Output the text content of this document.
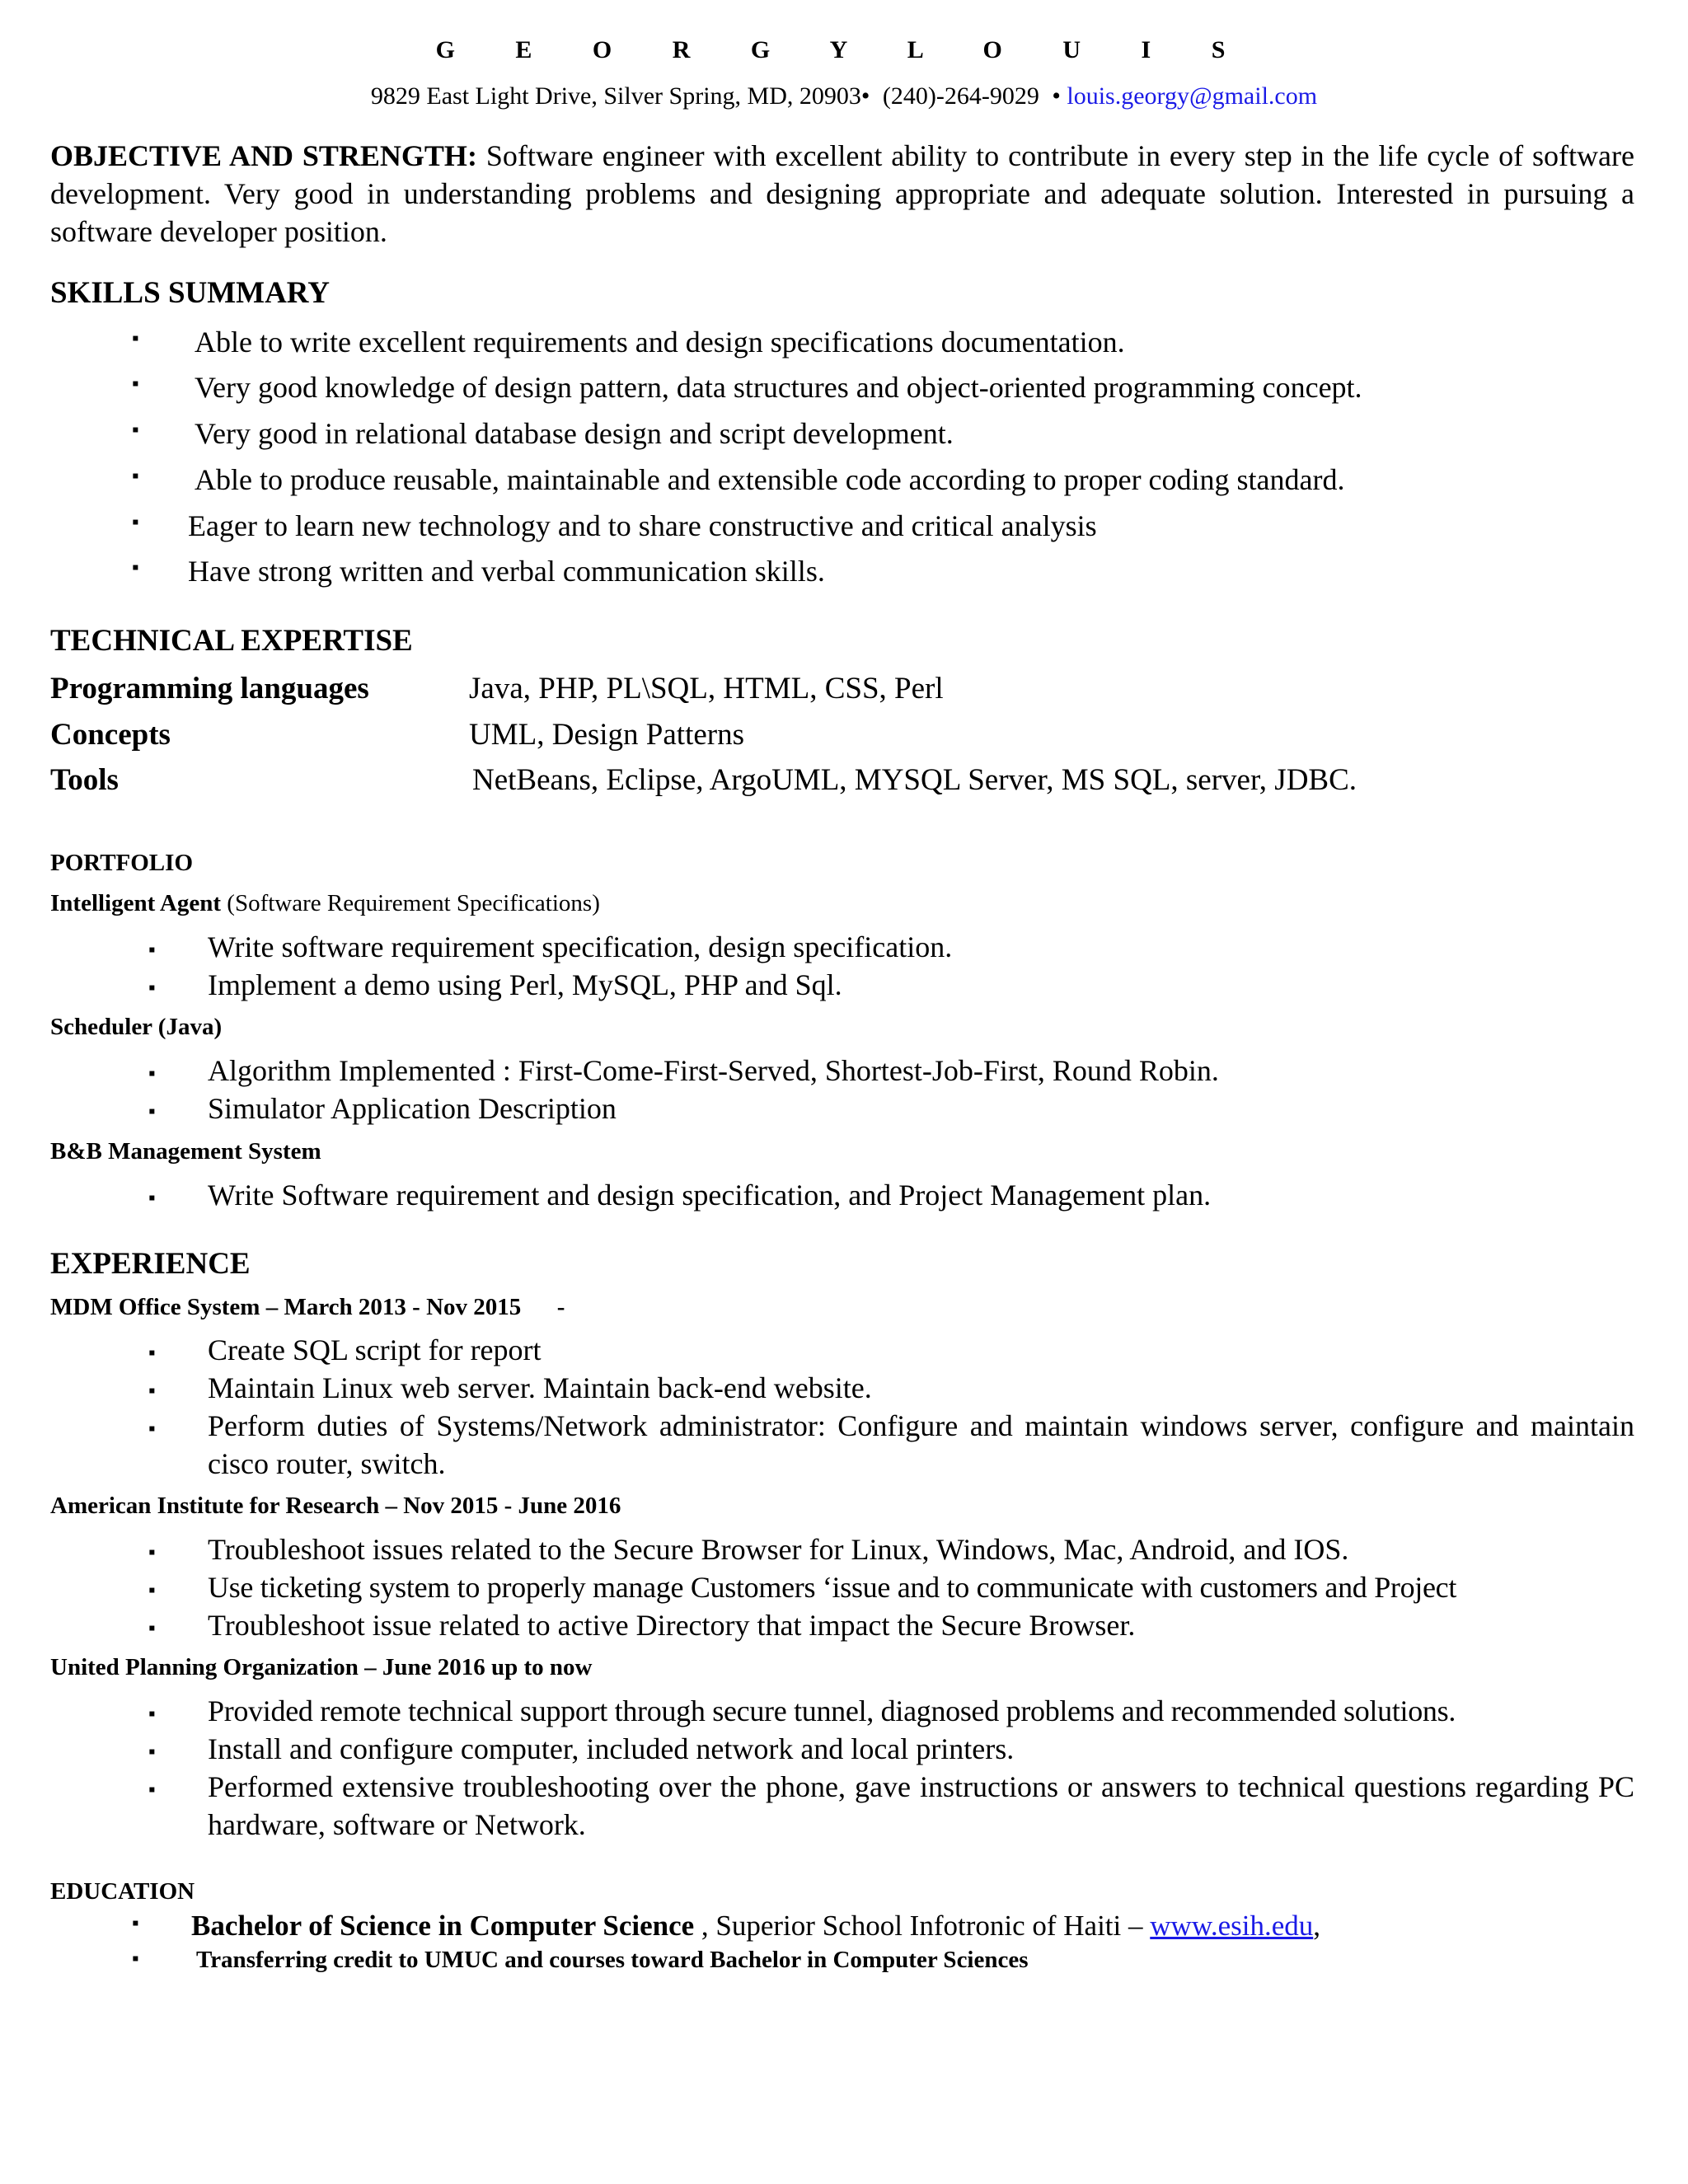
G E O R G Y L O U I S
9829 East Light Drive, Silver Spring, MD, 20903• (240)-264-9029 • louis.georgy@gmail.com
OBJECTIVE AND STRENGTH: Software engineer with excellent ability to contribute in every step in the life cycle of software development. Very good in understanding problems and designing appropriate and adequate solution. Interested in pursuing a software developer position.
SKILLS SUMMARY
▪ Able to write excellent requirements and design specifications documentation.
▪ Very good knowledge of design pattern, data structures and object-oriented programming concept.
▪ Very good in relational database design and script development.
▪ Able to produce reusable, maintainable and extensible code according to proper coding standard.
▪ Eager to learn new technology and to share constructive and critical analysis
▪ Have strong written and verbal communication skills.
TECHNICAL EXPERTISE
Programming languages	Java, PHP, PL\SQL, HTML, CSS, Perl
Concepts	UML, Design Patterns
Tools	NetBeans, Eclipse, ArgoUML, MYSQL Server, MS SQL, server, JDBC.
PORTFOLIO
Intelligent Agent (Software Requirement Specifications)
▪ Write software requirement specification, design specification.
▪ Implement a demo using Perl, MySQL, PHP and Sql.
Scheduler (Java)
▪ Algorithm Implemented : First-Come-First-Served, Shortest-Job-First, Round Robin.
▪ Simulator Application Description
B&B Management System
▪ Write Software requirement and design specification, and Project Management plan.
EXPERIENCE
MDM Office System – March 2013 - Nov 2015      -
▪ Create SQL script for report
▪ Maintain Linux web server. Maintain back-end website.
▪ Perform duties of Systems/Network administrator: Configure and maintain windows server, configure and maintain cisco router, switch.
American Institute for Research – Nov 2015 - June 2016
▪ Troubleshoot issues related to the Secure Browser for Linux, Windows, Mac, Android, and IOS.
▪ Use ticketing system to properly manage Customers ‘issue and to communicate with customers and Project
▪ Troubleshoot issue related to active Directory that impact the Secure Browser.
United Planning Organization – June 2016 up to now
▪ Provided remote technical support through secure tunnel, diagnosed problems and recommended solutions.
▪ Install and configure computer, included network and local printers.
▪ Performed extensive troubleshooting over the phone, gave instructions or answers to technical questions regarding PC hardware, software or Network.
EDUCATION
▪ Bachelor of Science in Computer Science , Superior School Infotronic of Haiti – www.esih.edu,
▪ Transferring credit to UMUC and courses toward Bachelor in Computer Sciences
